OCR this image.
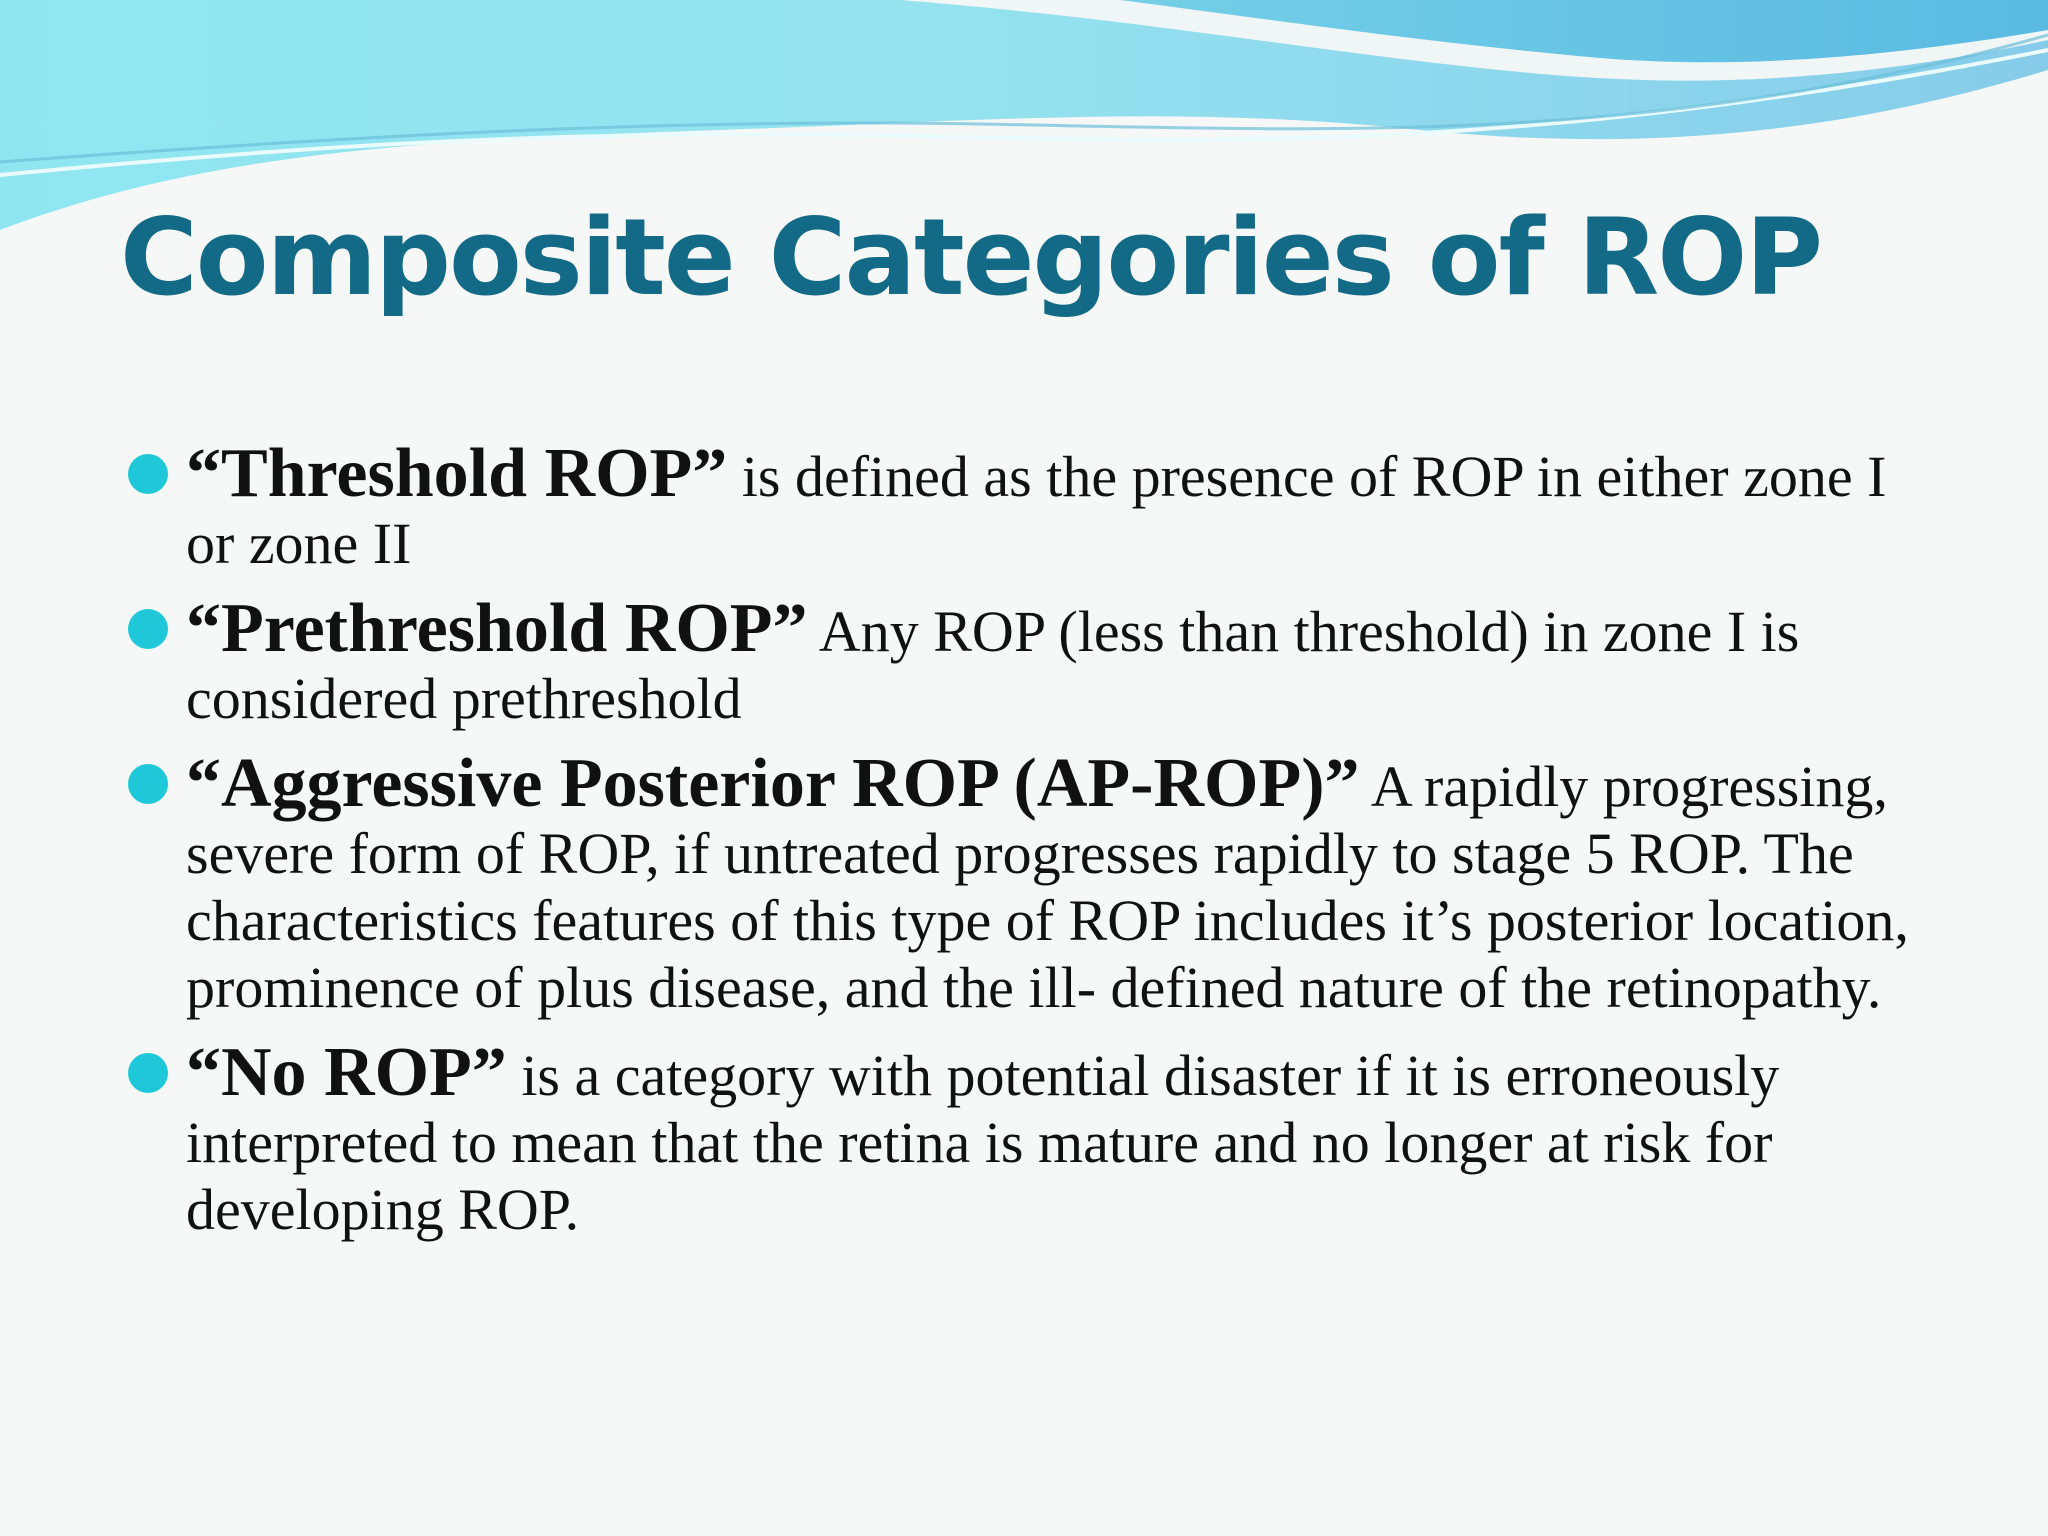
Composite Categories of ROP
“Threshold ROP” is defined as the presence of ROP in either zone I or zone II
“Prethreshold ROP” Any ROP (less than threshold) in zone I is considered prethreshold
“Aggressive Posterior ROP (AP-ROP)” A rapidly progressing, severe form of ROP, if untreated progresses rapidly to stage 5 ROP. The characteristics features of this type of ROP includes it’s posterior location, prominence of plus disease, and the ill- defined nature of the retinopathy.
“No ROP” is a category with potential disaster if it is erroneously interpreted to mean that the retina is mature and no longer at risk for developing ROP.
